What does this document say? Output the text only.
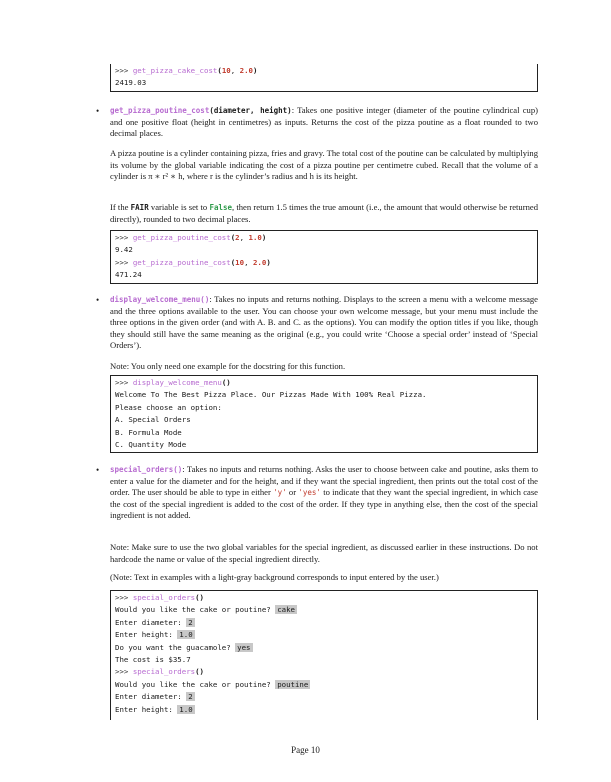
>>> get_pizza_cake_cost(10, 2.0)
2419.03
• get_pizza_poutine_cost(diameter, height): Takes one positive integer (diameter of the poutine cylindrical cup) and one positive float (height in centimetres) as inputs. Returns the cost of the pizza poutine as a float rounded to two decimal places.
A pizza poutine is a cylinder containing pizza, fries and gravy. The total cost of the poutine can be calculated by multiplying its volume by the global variable indicating the cost of a pizza poutine per centimetre cubed. Recall that the volume of a cylinder is π ∗ r² ∗ h, where r is the cylinder’s radius and h is its height.
If the FAIR variable is set to False, then return 1.5 times the true amount (i.e., the amount that would otherwise be returned directly), rounded to two decimal places.
>>> get_pizza_poutine_cost(2, 1.0)
9.42
>>> get_pizza_poutine_cost(10, 2.0)
471.24
• display_welcome_menu(): Takes no inputs and returns nothing. Displays to the screen a menu with a welcome message and the three options available to the user. You can choose your own welcome message, but your menu must include the three options in the given order (and with A. B. and C. as the options). You can modify the option titles if you like, though they should still have the same meaning as the original (e.g., you could write ‘Choose a special order’ instead of ‘Special Orders’).
Note: You only need one example for the docstring for this function.
>>> display_welcome_menu()
Welcome To The Best Pizza Place. Our Pizzas Made With 100% Real Pizza.
Please choose an option:
A. Special Orders
B. Formula Mode
C. Quantity Mode
• special_orders(): Takes no inputs and returns nothing. Asks the user to choose between cake and poutine, asks them to enter a value for the diameter and for the height, and if they want the special ingredient, then prints out the total cost of the order. The user should be able to type in either 'y' or 'yes' to indicate that they want the special ingredient, in which case the cost of the special ingredient is added to the cost of the order. If they type in anything else, then the cost of the special ingredient is not added.
Note: Make sure to use the two global variables for the special ingredient, as discussed earlier in these instructions. Do not hardcode the name or value of the special ingredient directly.
(Note: Text in examples with a light-gray background corresponds to input entered by the user.)
>>> special_orders()
Would you like the cake or poutine? cake
Enter diameter: 2
Enter height: 1.0
Do you want the guacamole? yes
The cost is $35.7
>>> special_orders()
Would you like the cake or poutine? poutine
Enter diameter: 2
Enter height: 1.0
Page 10
